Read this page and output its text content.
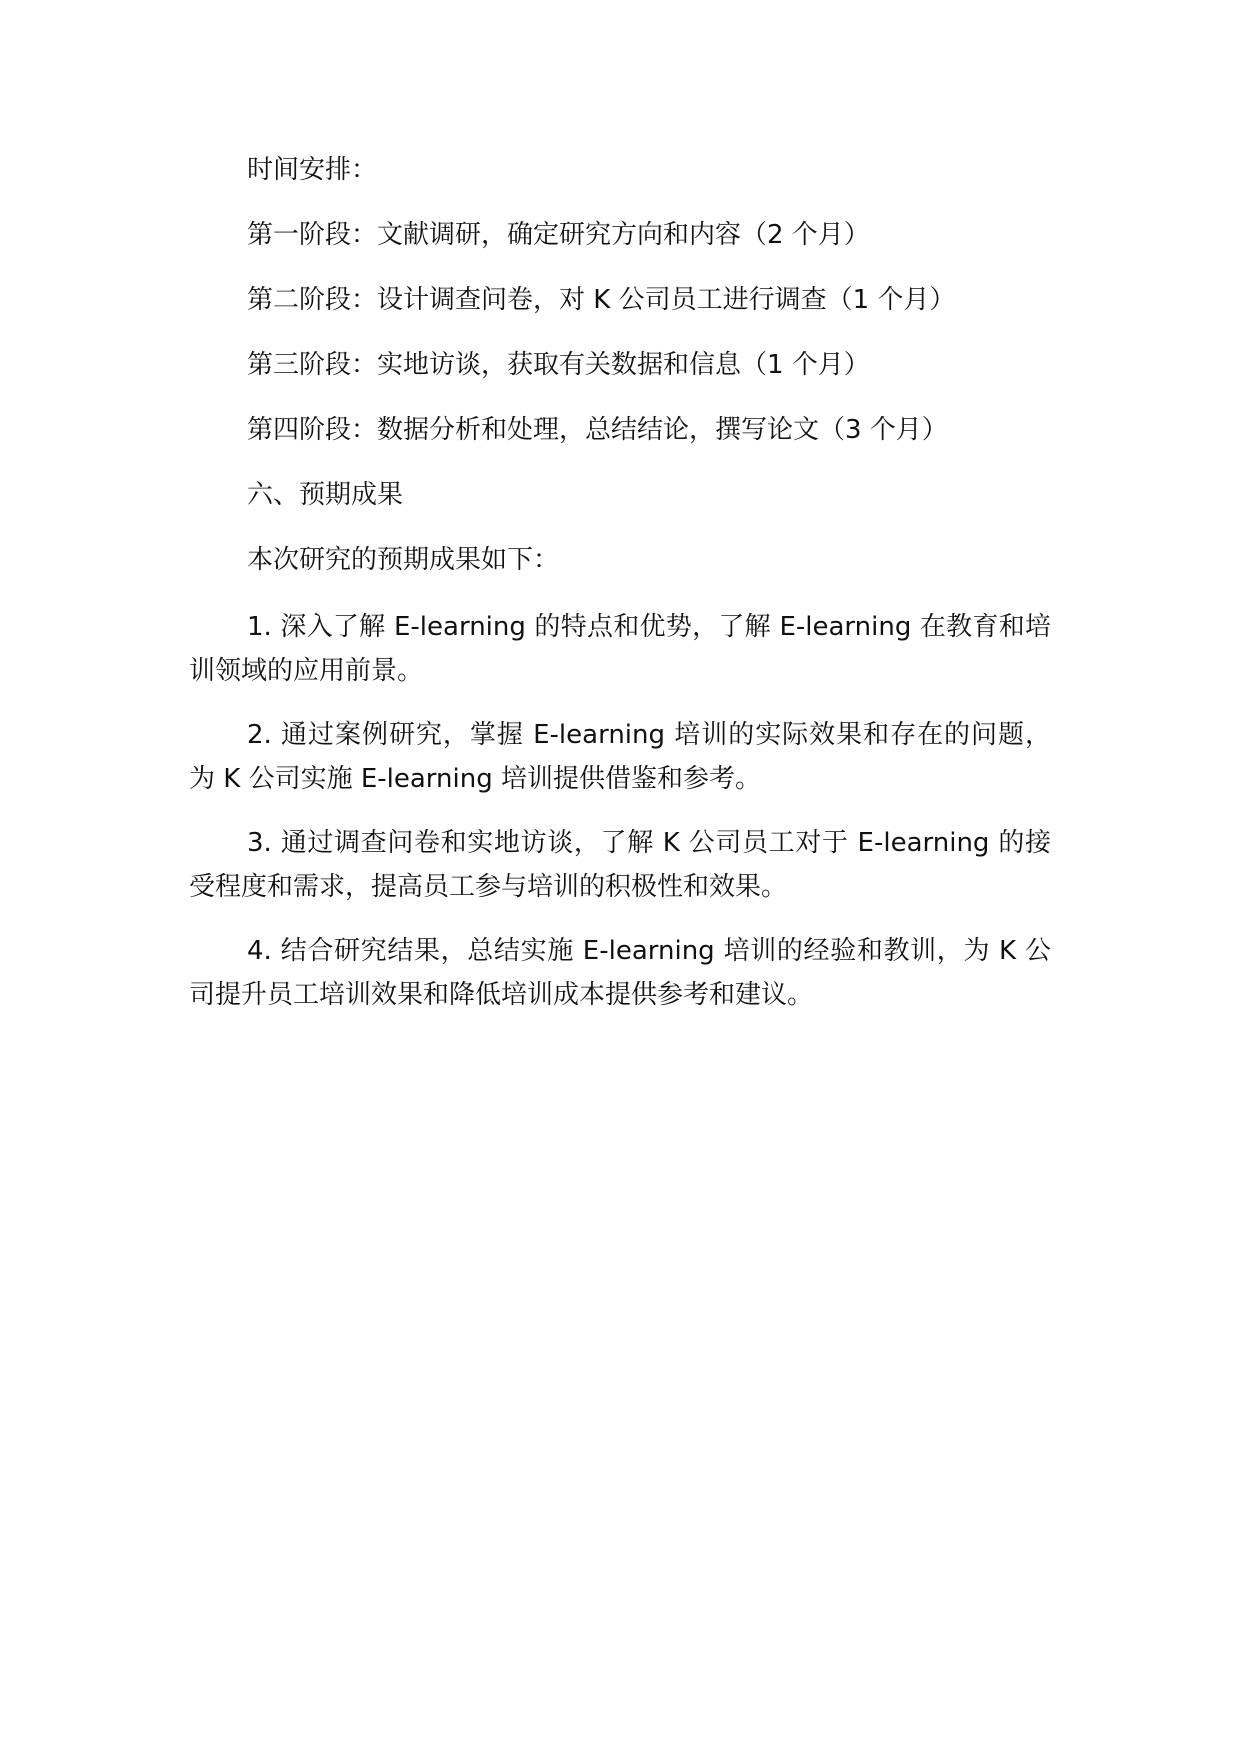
时间安排：

第一阶段：文献调研，确定研究方向和内容（2 个月）

第二阶段：设计调查问卷，对 K 公司员工进行调查（1 个月）

第三阶段：实地访谈，获取有关数据和信息（1 个月）

第四阶段：数据分析和处理，总结结论，撰写论文（3 个月）

六、预期成果

本次研究的预期成果如下：

1. 深入了解 E-learning 的特点和优势，了解 E-learning 在教育和培训领域的应用前景。

2. 通过案例研究，掌握 E-learning 培训的实际效果和存在的问题，为 K 公司实施 E-learning 培训提供借鉴和参考。

3. 通过调查问卷和实地访谈，了解 K 公司员工对于 E-learning 的接受程度和需求，提高员工参与培训的积极性和效果。

4. 结合研究结果，总结实施 E-learning 培训的经验和教训，为 K 公司提升员工培训效果和降低培训成本提供参考和建议。
